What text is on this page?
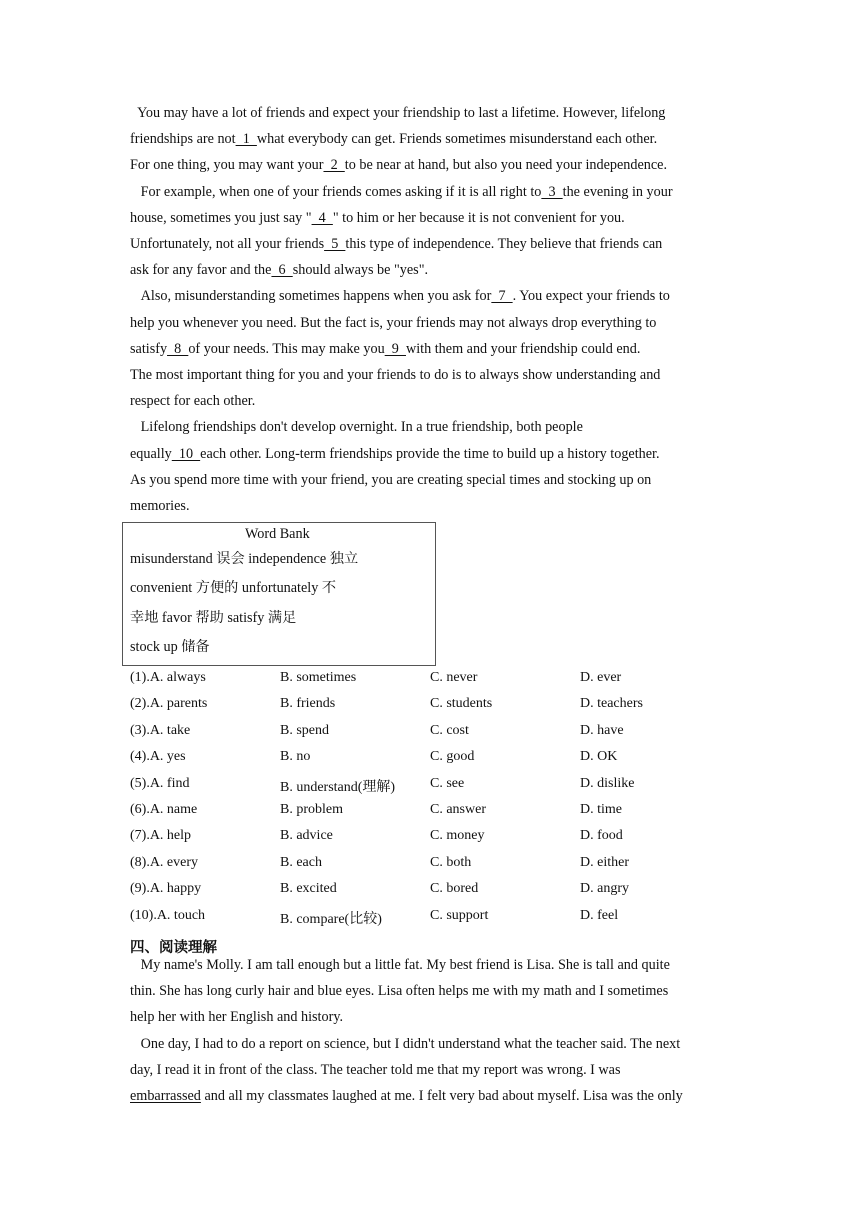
You may have a lot of friends and expect your friendship to last a lifetime. However, lifelong
friendships are not  1  what everybody can get. Friends sometimes misunderstand each other.
For one thing, you may want your  2  to be near at hand, but also you need your independence.
For example, when one of your friends comes asking if it is all right to  3  the evening in your
house, sometimes you just say "  4  " to him or her because it is not convenient for you.
Unfortunately, not all your friends  5  this type of independence. They believe that friends can
ask for any favor and the  6  should always be "yes".
Also, misunderstanding sometimes happens when you ask for  7  . You expect your friends to
help you whenever you need. But the fact is, your friends may not always drop everything to
satisfy  8  of your needs. This may make you  9  with them and your friendship could end.
The most important thing for you and your friends to do is to always show understanding and
respect for each other.
Lifelong friendships don't develop overnight. In a true friendship, both people
equally  10  each other. Long-term friendships provide the time to build up a history together.
As you spend more time with your friend, you are creating special times and stocking up on
memories.
Word Bank
misunderstand 误会 independence 独立
convenient 方便的 unfortunately 不
幸地 favor 帮助 satisfy 满足
stock up 储备
(1).A. always	B. sometimes	C. never	D. ever
(2).A. parents	B. friends	C. students	D. teachers
(3).A. take	B. spend	C. cost	D. have
(4).A. yes	B. no	C. good	D. OK
(5).A. find	B. understand(理解) C. see	D. dislike
(6).A. name	B. problem	C. answer	D. time
(7).A. help	B. advice	C. money	D. food
(8).A. every	B. each	C. both	D. either
(9).A. happy	B. excited	C. bored	D. angry
(10).A. touch	B. compare(比较)	C. support	D. feel
四、阅读理解
My name's Molly. I am tall enough but a little fat. My best friend is Lisa. She is tall and quite
thin. She has long curly hair and blue eyes. Lisa often helps me with my math and I sometimes
help her with her English and history.
One day, I had to do a report on science, but I didn't understand what the teacher said. The next
day, I read it in front of the class. The teacher told me that my report was wrong. I was
embarrassed and all my classmates laughed at me. I felt very bad about myself. Lisa was the only
